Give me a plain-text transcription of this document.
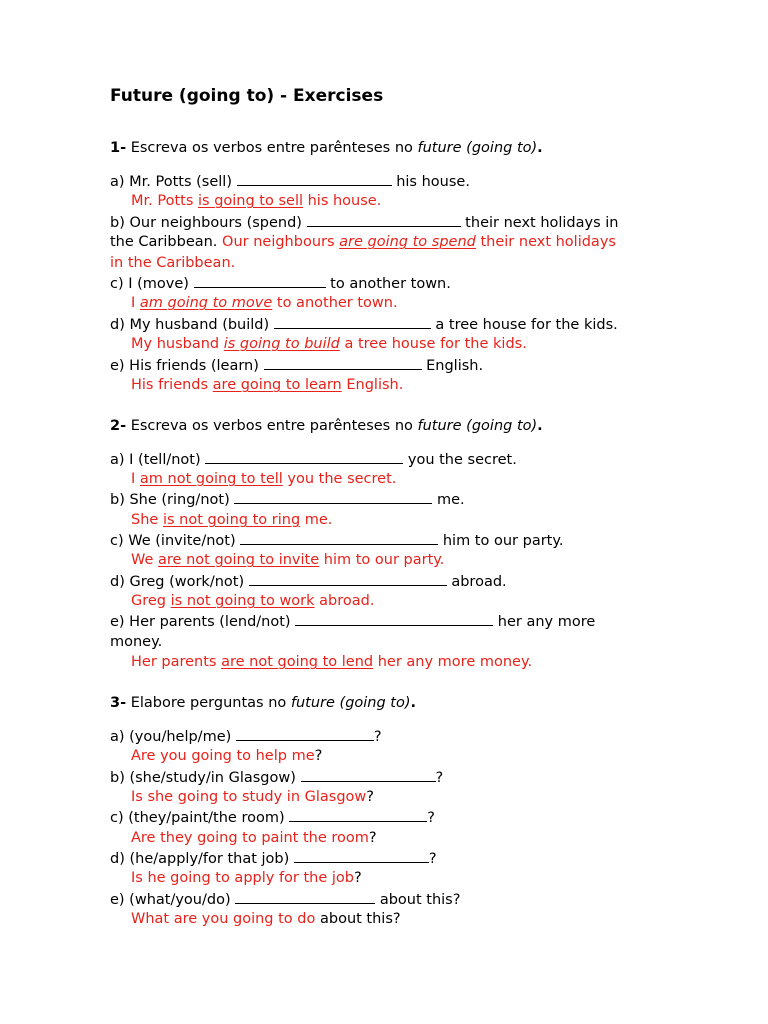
Future (going to) - Exercises
1- Escreva os verbos entre parênteses no future (going to).
a) Mr. Potts (sell)	his house.
Mr. Potts is going to sell his house.
b) Our neighbours (spend)	their next holidays in
the Caribbean. Our neighbours are going to spend their next holidays
in the Caribbean.
c) I (move)	to another town.
I am going to move to another town.
d) My husband (build)	a tree house for the kids.
My husband is going to build a tree house for the kids.
e) His friends (learn)	English.
His friends are going to learn English.
2- Escreva os verbos entre parênteses no future (going to).
a) I (tell/not)	you the secret.
I am not going to tell you the secret.
b) She (ring/not)	me.
She is not going to ring me.
c) We (invite/not)	him to our party.
We are not going to invite him to our party.
d) Greg (work/not)	abroad.
Greg is not going to work abroad.
e) Her parents (lend/not)	her any more
money.
Her parents are not going to lend her any more money.
3- Elabore perguntas no future (going to).
a) (you/help/me)	?
Are you going to help me?
b) (she/study/in Glasgow)	?
Is she going to study in Glasgow?
c) (they/paint/the room)	?
Are they going to paint the room?
d) (he/apply/for that job)	?
Is he going to apply for the job?
e) (what/you/do)	about this?
What are you going to do about this?
